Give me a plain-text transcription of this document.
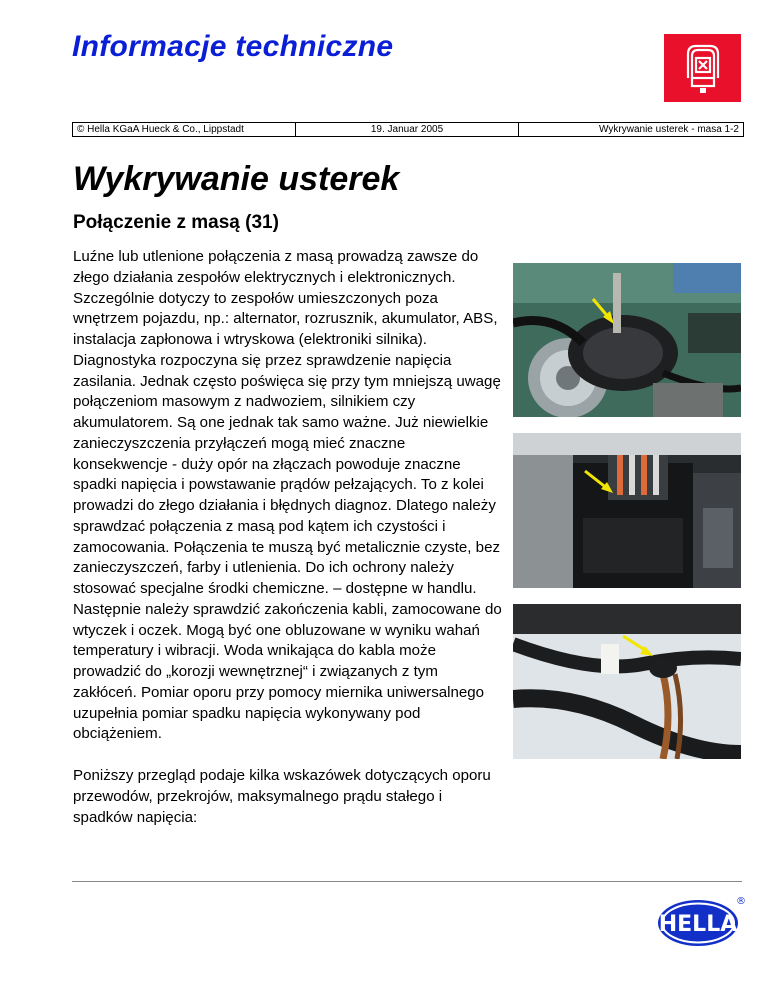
Informacje techniczne
© Hella KGaA Hueck & Co., Lippstadt	19. Januar 2005	Wykrywanie usterek - masa 1-2
Wykrywanie usterek
Połączenie z masą (31)

Luźne lub utlenione połączenia z masą prowadzą zawsze do złego działania zespołów elektrycznych i elektronicznych. Szczególnie dotyczy to zespołów umieszczonych poza wnętrzem pojazdu, np.: alternator, rozrusznik, akumulator, ABS, instalacja zapłonowa i wtryskowa (elektroniki silnika). Diagnostyka rozpoczyna się przez sprawdzenie napięcia zasilania. Jednak często poświęca się przy tym mniejszą uwagę połączeniom masowym z nadwoziem, silnikiem czy akumulatorem. Są one jednak tak samo ważne. Już niewielkie zanieczyszczenia przyłączeń mogą mieć znaczne konsekwencje - duży opór na złączach powoduje znaczne spadki napięcia i powstawanie prądów pełzających. To z kolei prowadzi do złego działania i błędnych diagnoz. Dlatego należy sprawdzać połączenia z masą pod kątem ich czystości i zamocowania. Połączenia te muszą być metalicznie czyste, bez zanieczyszczeń, farby i utlenienia. Do ich ochrony należy stosować specjalne środki chemiczne. – dostępne w handlu. Następnie należy sprawdzić zakończenia kabli, zamocowane do wtyczek i oczek. Mogą być one obluzowane w wyniku wahań temperatury i wibracji. Woda wnikająca do kabla może prowadzić do „korozji wewnętrznej“ i związanych z tym zakłóceń. Pomiar oporu przy pomocy miernika uniwersalnego uzupełnia pomiar spadku napięcia wykonywany pod obciążeniem.

Poniższy przegląd podaje kilka wskazówek dotyczących oporu przewodów, przekrojów, maksymalnego prądu stałego i spadków napięcia:

HELLA
®
